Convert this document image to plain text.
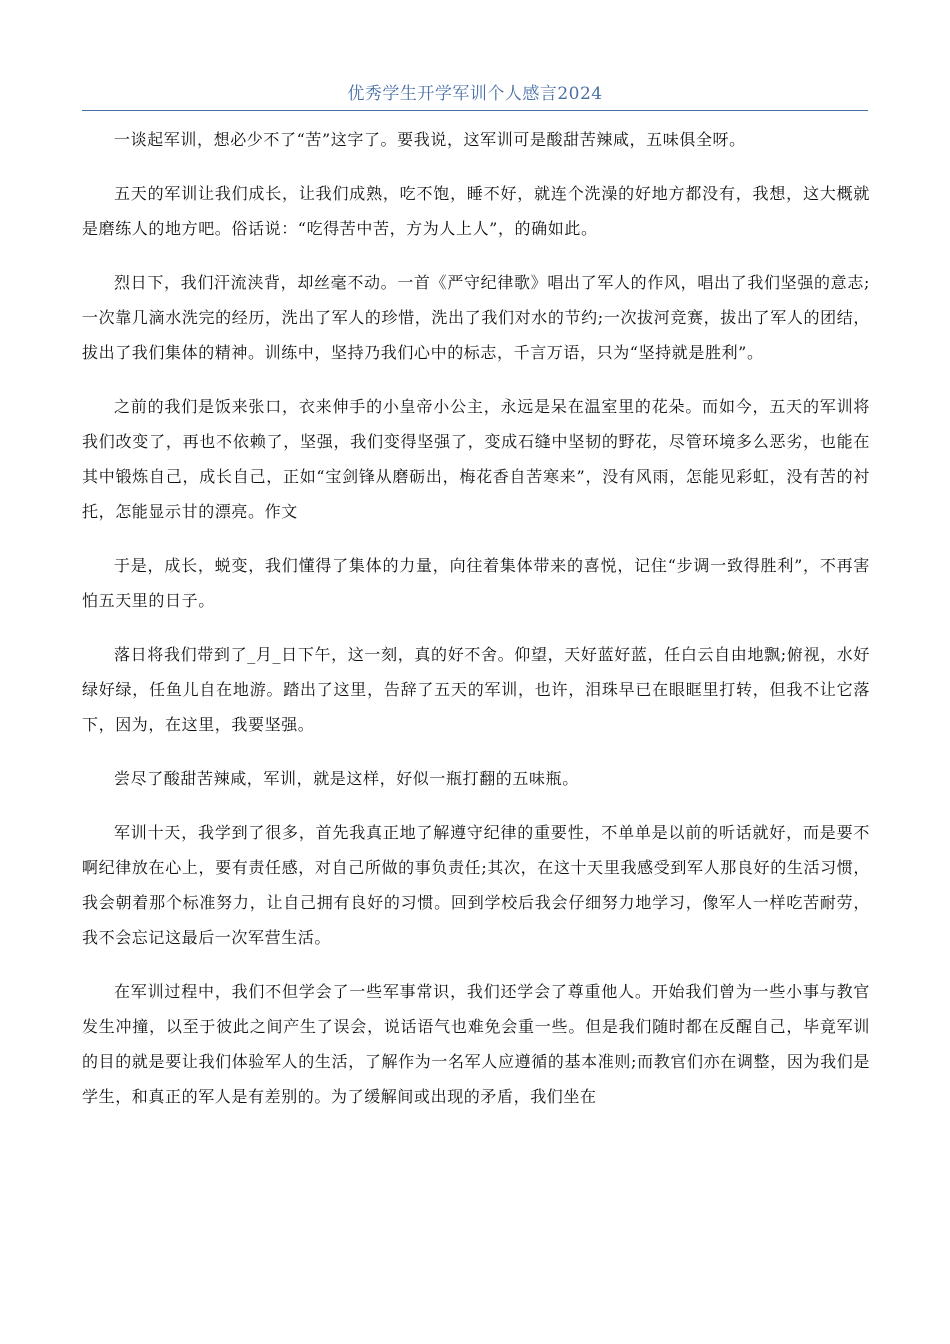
优秀学生开学军训个人感言2024

一谈起军训，想必少不了“苦”这字了。要我说，这军训可是酸甜苦辣咸，五味俱全呀。

五天的军训让我们成长，让我们成熟，吃不饱，睡不好，就连个洗澡的好地方都没有，我想，这大概就是磨练人的地方吧。俗话说：“吃得苦中苦，方为人上人”，的确如此。

烈日下，我们汗流浃背，却丝毫不动。一首《严守纪律歌》唱出了军人的作风，唱出了我们坚强的意志;一次靠几滴水洗完的经历，洗出了军人的珍惜，洗出了我们对水的节约;一次拔河竞赛，拔出了军人的团结，拔出了我们集体的精神。训练中，坚持乃我们心中的标志，千言万语，只为“坚持就是胜利”。

之前的我们是饭来张口，衣来伸手的小皇帝小公主，永远是呆在温室里的花朵。而如今，五天的军训将我们改变了，再也不依赖了，坚强，我们变得坚强了，变成石缝中坚韧的野花，尽管环境多么恶劣，也能在其中锻炼自己，成长自己，正如“宝剑锋从磨砺出，梅花香自苦寒来”，没有风雨，怎能见彩虹，没有苦的衬托，怎能显示甘的漂亮。作文

于是，成长，蜕变，我们懂得了集体的力量，向往着集体带来的喜悦，记住“步调一致得胜利”，不再害怕五天里的日子。

落日将我们带到了_月_日下午，这一刻，真的好不舍。仰望，天好蓝好蓝，任白云自由地飘;俯视，水好绿好绿，任鱼儿自在地游。踏出了这里，告辞了五天的军训，也许，泪珠早已在眼眶里打转，但我不让它落下，因为，在这里，我要坚强。

尝尽了酸甜苦辣咸，军训，就是这样，好似一瓶打翻的五味瓶。

军训十天，我学到了很多，首先我真正地了解遵守纪律的重要性，不单单是以前的听话就好，而是要不啊纪律放在心上，要有责任感，对自己所做的事负责任;其次，在这十天里我感受到军人那良好的生活习惯，我会朝着那个标准努力，让自己拥有良好的习惯。回到学校后我会仔细努力地学习，像军人一样吃苦耐劳，我不会忘记这最后一次军营生活。

在军训过程中，我们不但学会了一些军事常识，我们还学会了尊重他人。开始我们曾为一些小事与教官发生冲撞，以至于彼此之间产生了误会，说话语气也难免会重一些。但是我们随时都在反醒自己，毕竟军训的目的就是要让我们体验军人的生活，了解作为一名军人应遵循的基本准则;而教官们亦在调整，因为我们是学生，和真正的军人是有差别的。为了缓解间或出现的矛盾，我们坐在
